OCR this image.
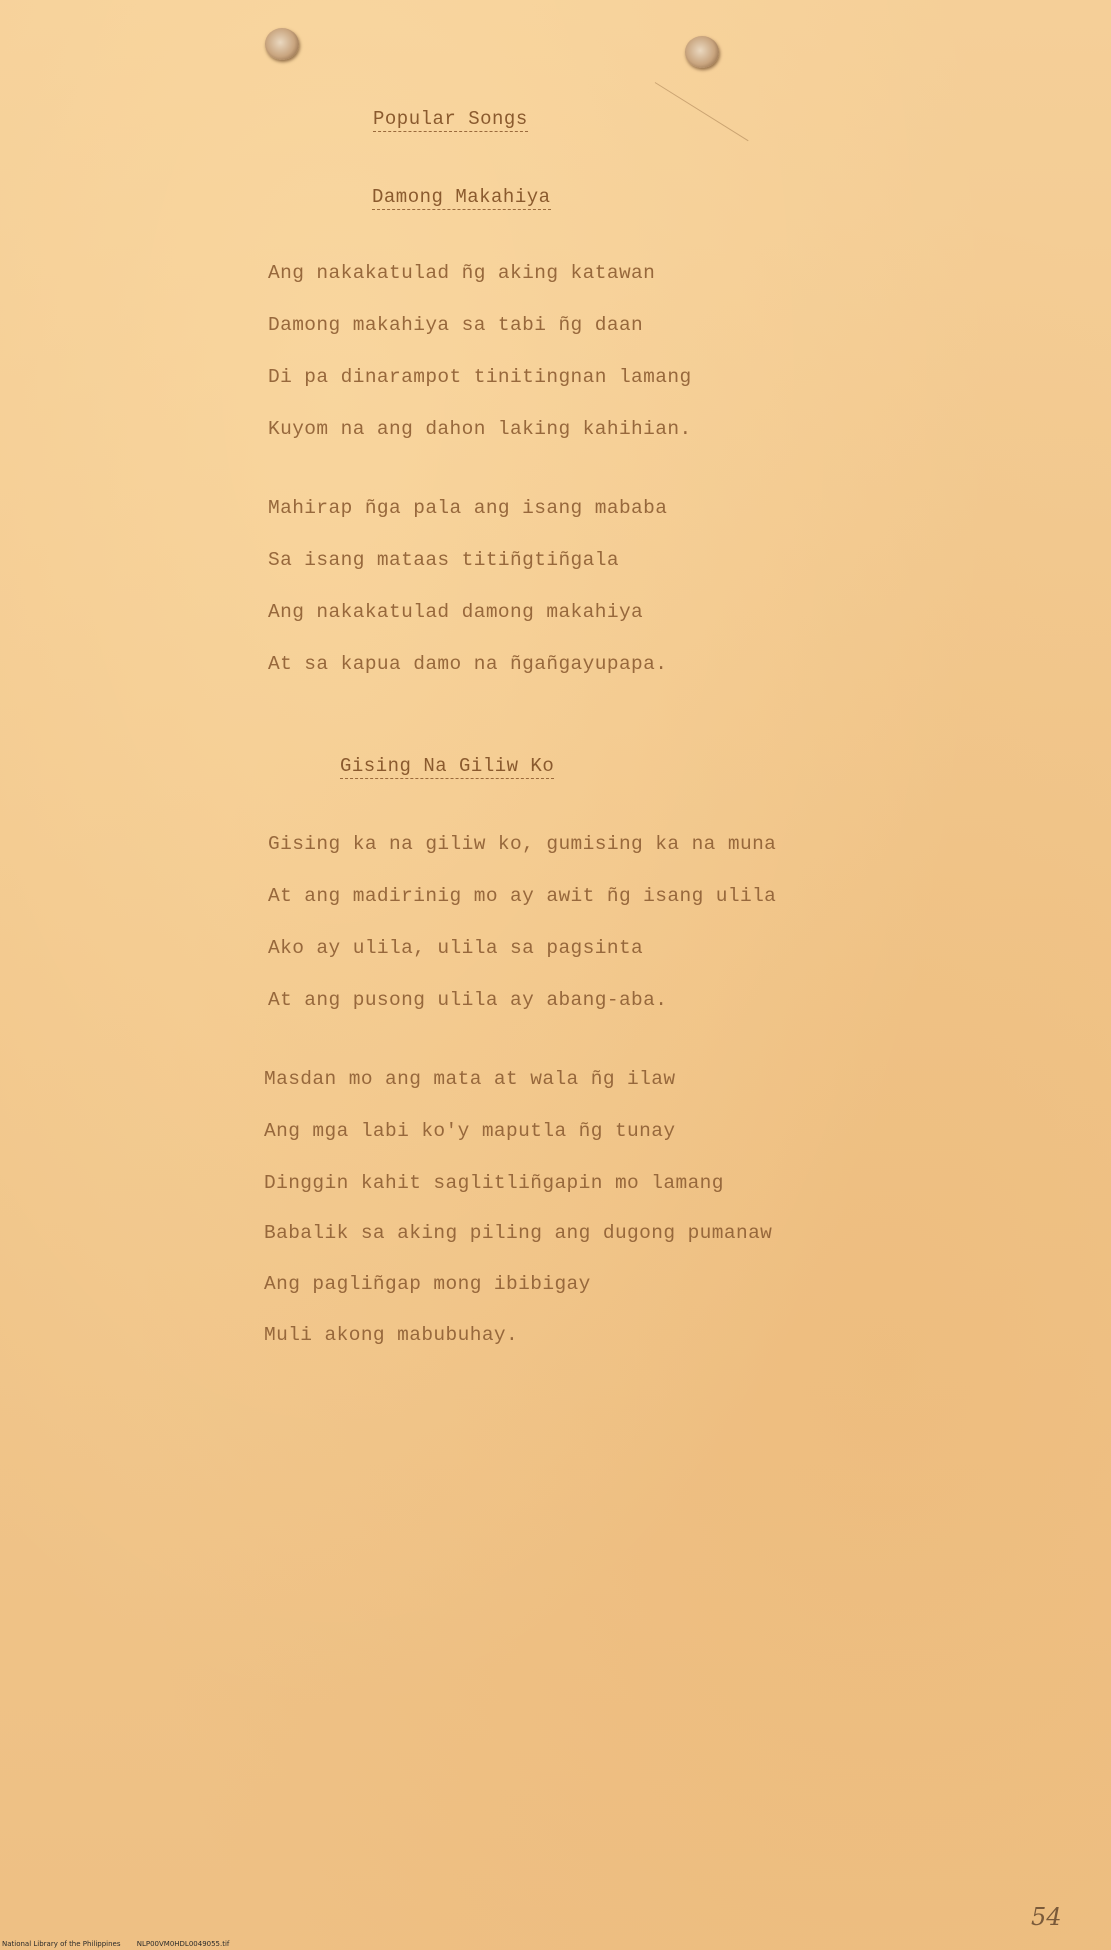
Popular Songs
Damong Makahiya
Ang nakakatulad ñg aking katawan
Damong makahiya sa tabi ñg daan
Di pa dinarampot tinitingnan lamang
Kuyom na ang dahon laking kahihian.
Mahirap ñga pala ang isang mababa
Sa isang mataas titiñgtiñgala
Ang nakakatulad damong makahiya
At sa kapua damo na ñgañgayupapa.
Gising Na Giliw Ko
Gising ka na giliw ko, gumising ka na muna
At ang madirinig mo ay awit ñg isang ulila
Ako ay ulila, ulila sa pagsinta
At ang pusong ulila ay abang-aba.
Masdan mo ang mata at wala ñg ilaw
Ang mga labi ko'y maputla ñg tunay
Dinggin kahit saglitliñgapin mo lamang
Babalik sa aking piling ang dugong pumanaw
Ang pagliñgap mong ibibigay
Muli akong mabubuhay.
54
National Library of the Philippines NLP00VM0HDL0049055.tif
